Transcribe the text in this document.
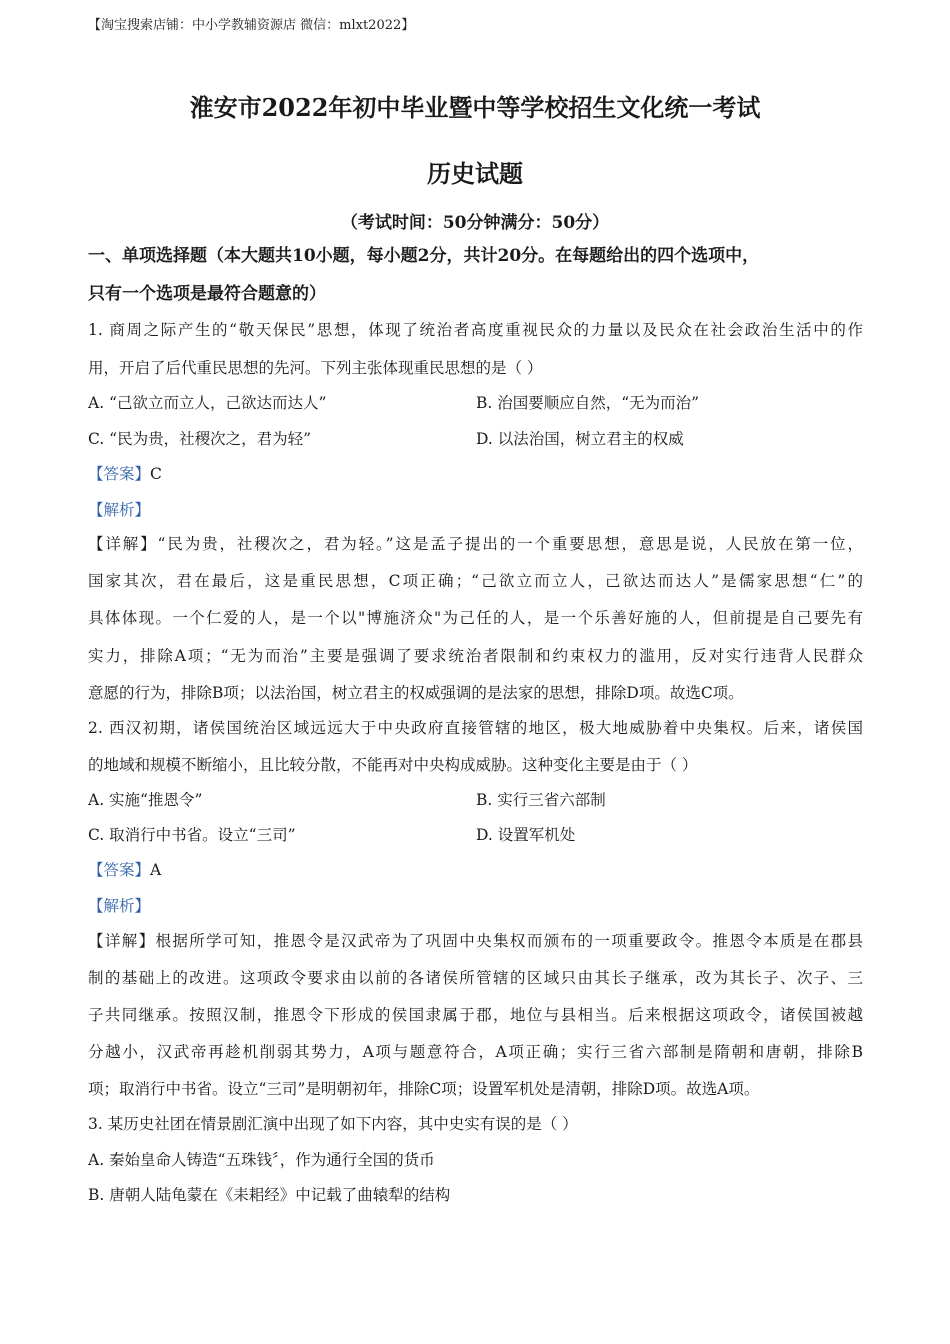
【淘宝搜索店铺：中小学教辅资源店 微信：mlxt2022】
淮安市2022年初中毕业暨中等学校招生文化统一考试
历史试题
（考试时间：50分钟满分：50分）
一、单项选择题（本大题共10小题，每小题2分，共计20分。在每题给出的四个选项中，
只有一个选项是最符合题意的）
1. 商周之际产生的“敬天保民”思想，体现了统治者高度重视民众的力量以及民众在社会政治生活中的作
用，开启了后代重民思想的先河。下列主张体现重民思想的是（ ）
A. “己欲立而立人，己欲达而达人”	B. 治国要顺应自然，“无为而治”
C. “民为贵，社稷次之，君为轻”	D. 以法治国，树立君主的权威
【答案】C
【解析】
【详解】“民为贵，社稷次之，君为轻。”这是孟子提出的一个重要思想，意思是说，人民放在第一位，
国家其次，君在最后，这是重民思想，C项正确；“己欲立而立人，己欲达而达人”是儒家思想“仁”的
具体体现。一个仁爱的人，是一个以"博施济众"为己任的人，是一个乐善好施的人，但前提是自己要先有
实力，排除A项；“无为而治”主要是强调了要求统治者限制和约束权力的滥用，反对实行违背人民群众
意愿的行为，排除B项；以法治国，树立君主的权威强调的是法家的思想，排除D项。故选C项。
2. 西汉初期，诸侯国统治区域远远大于中央政府直接管辖的地区，极大地威胁着中央集权。后来，诸侯国
的地域和规模不断缩小，且比较分散，不能再对中央构成威胁。这种变化主要是由于（ ）
A. 实施“推恩令”	B. 实行三省六部制
C. 取消行中书省。设立“三司”	D. 设置军机处
【答案】A
【解析】
【详解】根据所学可知，推恩令是汉武帝为了巩固中央集权而颁布的一项重要政令。推恩令本质是在郡县
制的基础上的改进。这项政令要求由以前的各诸侯所管辖的区域只由其长子继承，改为其长子、次子、三
子共同继承。按照汉制，推恩令下形成的侯国隶属于郡，地位与县相当。后来根据这项政令，诸侯国被越
分越小，汉武帝再趁机削弱其势力，A项与题意符合，A项正确；实行三省六部制是隋朝和唐朝，排除B
项；取消行中书省。设立“三司”是明朝初年，排除C项；设置军机处是清朝，排除D项。故选A项。
3. 某历史社团在情景剧汇演中出现了如下内容，其中史实有误的是（ ）
A. 秦始皇命人铸造“五珠钱〞，作为通行全国的货币
B. 唐朝人陆龟蒙在《耒耜经》中记载了曲辕犁的结构
